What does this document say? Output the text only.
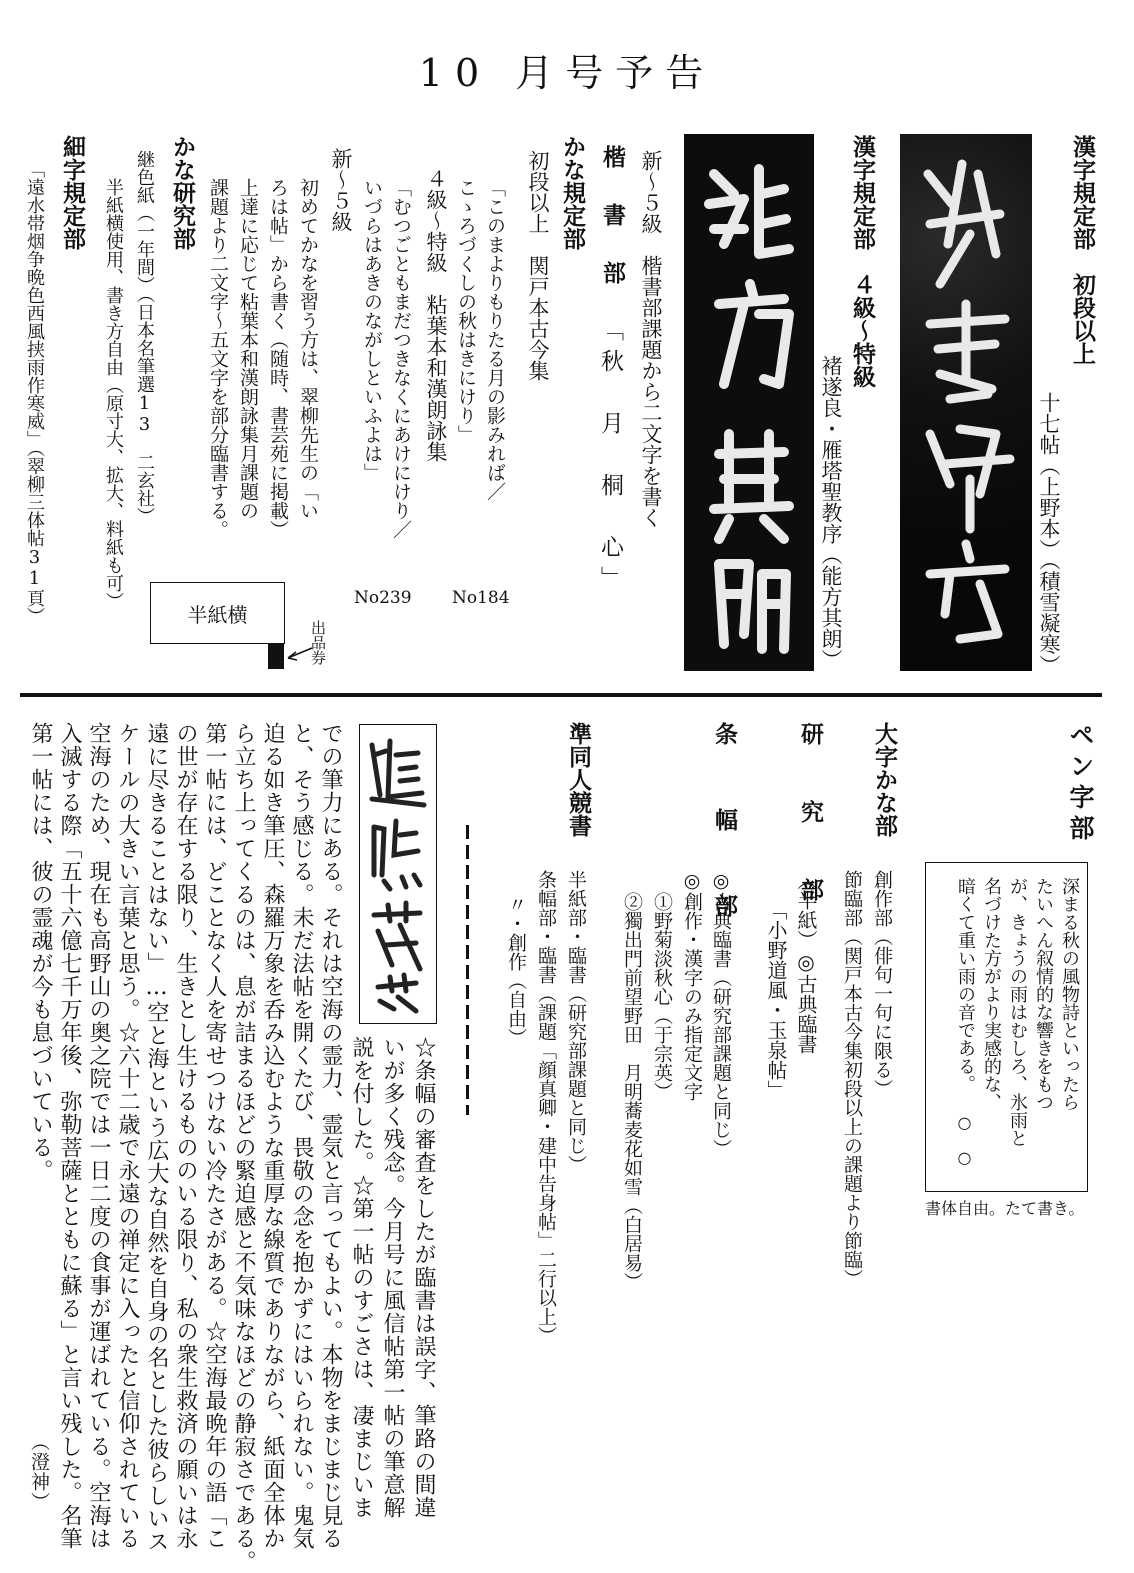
10 月号予告
漢字規定部　初段以上
十七帖（上野本）（積雪凝寒）
漢字規定部　４級〜特級
褚遂良・雁塔聖教序（能方其朗）
新〜５級　楷書部課題から二文字を書く
楷　書　部
「秋　月　桐　心」
かな規定部
初段以上　関戸本古今集
「このまよりもりたる月の影みれば／
こゝろづくしの秋はきにけり」
４級〜特級　粘葉本和漢朗詠集
「むつごともまだつきなくにあけにけり／
いづらはあきのながしといふよは」
No239 No184
新〜５級
初めてかなを習う方は、翠柳先生の「い
ろは帖」から書く（随時、書芸苑に掲載）
上達に応じて粘葉本和漢朗詠集月課題の
課題より二文字〜五文字を部分臨書する。
かな研究部
継色紙（一年間）（日本名筆選13　二玄社）
半紙横使用、書き方自由（原寸大、拡大、料紙も可）
半紙横
出品券
細字規定部
「遠水帯烟争晩色西風挟雨作寒威」（翠柳三体帖31頁）
ペン字部
深まる秋の風物詩といったら
たいへん叙情的な響きをもつ
が、きょうの雨はむしろ、氷雨と
名づけた方がより実感的な、
暗くて重い雨の音である。
○　○　
書体自由。たて書き。
大字かな部
創作部（俳句一句に限る）
節臨部（関戸本古今集初段以上の課題より節臨）
研　究　部
（半紙）◎古典臨書
「小野道風・玉泉帖」
条　幅　部
◎古典臨書（研究部課題と同じ）
◎創作・漢字のみ指定文字
①野菊淡秋心（于宗英）
②獨出門前望野田　月明蕎麦花如雪（白居易）
準同人競書
半紙部・臨書（研究部課題と同じ）
条幅部・臨書（課題「顔真卿・建中告身帖」二行以上）
〃・創作（自由）
☆条幅の審査をしたが臨書は誤字、筆路の間違
いが多く残念。今月号に風信帖第一帖の筆意解
説を付した。☆第一帖のすごさは、凄まじいま
での筆力にある。それは空海の霊力、霊気と言ってもよい。本物をまじまじ見る
と、そう感じる。未だ法帖を開くたび、畏敬の念を抱かずにはいられない。鬼気
迫る如き筆圧、森羅万象を呑み込むような重厚な線質でありながら、紙面全体か
ら立ち上ってくるのは、息が詰まるほどの緊迫感と不気味なほどの静寂さである。
第一帖には、どことなく人を寄せつけない冷たさがある。☆空海最晩年の語「こ
の世が存在する限り、生きとし生けるもののいる限り、私の衆生救済の願いは永
遠に尽きることはない」…空と海という広大な自然を自身の名とした彼らしいス
ケールの大きい言葉と思う。☆六十二歳で永遠の禅定に入ったと信仰されている
空海のため、現在も高野山の奥之院では一日二度の食事が運ばれている。空海は
入滅する際「五十六億七千万年後、弥勒菩薩とともに蘇る」と言い残した。名筆
第一帖には、彼の霊魂が今も息づいている。
（澄神）
